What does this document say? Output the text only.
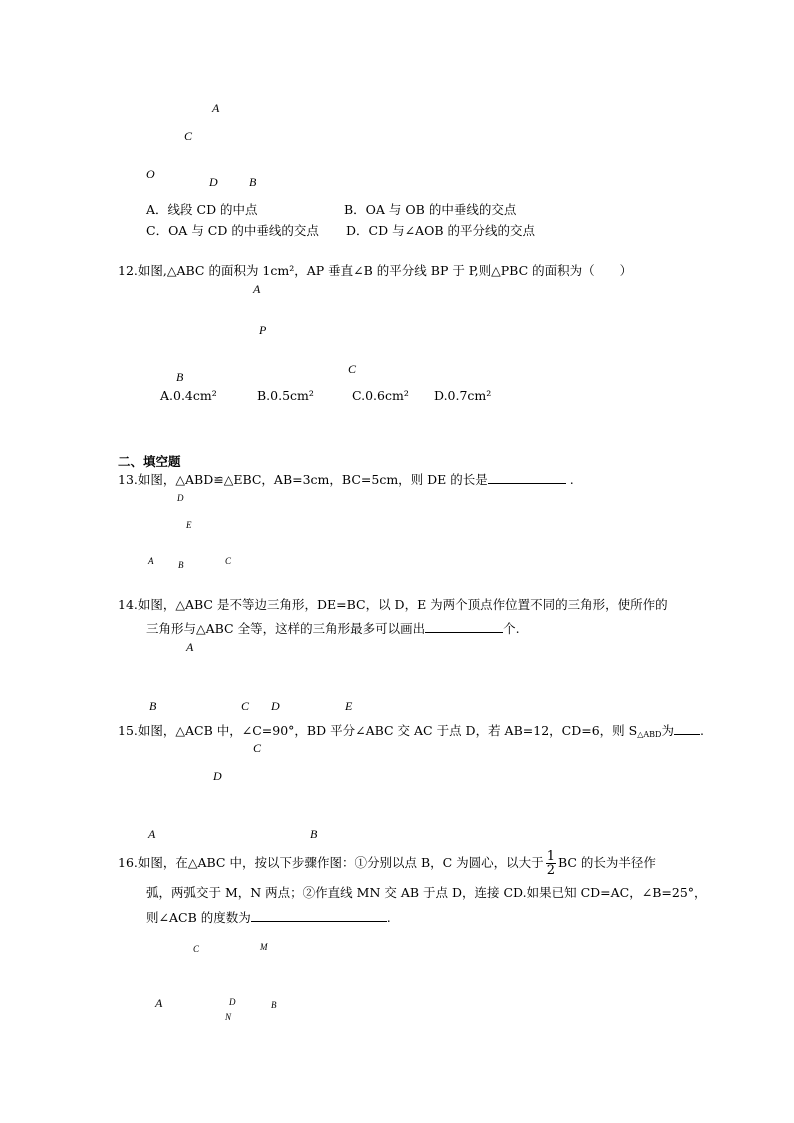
A
C
O
D	B
A．线段 CD 的中点	B．OA 与 OB 的中垂线的交点
C．OA 与 CD 的中垂线的交点 D．CD 与∠AOB 的平分线的交点
12.如图,△ABC 的面积为 1cm²，AP 垂直∠B 的平分线 BP 于 P,则△PBC 的面积为（　　）
A
P
B
C
A.0.4cm²	B.0.5cm²	C.0.6cm² D.0.7cm²
二、填空题
13.如图，△ABD≌△EBC，AB=3cm，BC=5cm，则 DE 的长是	.
D
E
A	B	C
14.如图，△ABC 是不等边三角形，DE=BC，以 D，E 为两个顶点作位置不同的三角形，使所作的
三角形与△ABC 全等，这样的三角形最多可以画出	个.
A
B	C D	E
15.如图，△ACB 中，∠C=90°，BD 平分∠ABC 交 AC 于点 D，若 AB=12，CD=6，则 $S_{\triangle ABD}$为 .
C
D
A	B
16.如图，在△ABC 中，按以下步骤作图：①分别以点 B，C 为圆心，以大于 $\frac{1}{2}$ BC 的长为半径作
弧，两弧交于 M，N 两点；②作直线 MN 交 AB 于点 D，连接 CD.如果已知 CD=AC，∠B=25°，
则∠ACB 的度数为	.
C	M
A	D	B
N
